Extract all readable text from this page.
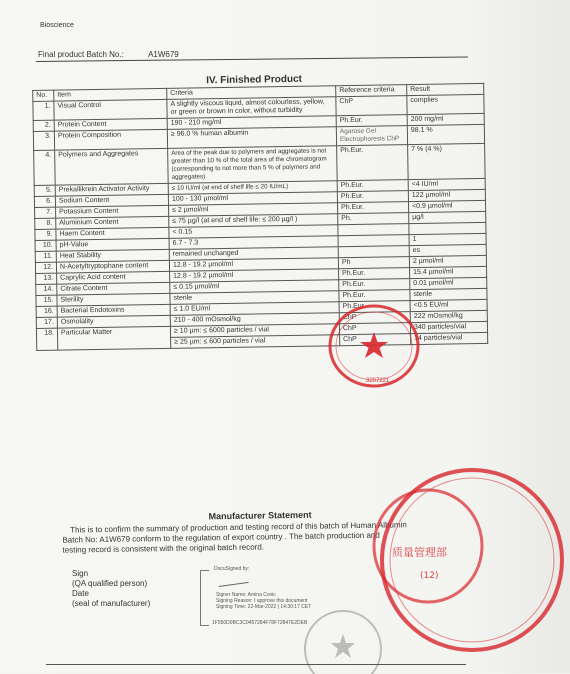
Bioscience
Final product Batch No.:	A1W679
IV. Finished Product
No.	Item	Criteria	Reference criteria	Result
1.	Visual Control	A slightly viscous liquid, almost colourless, yellow, or green or brown in color, without turbidity	ChP	complies
2.	Protein Content	190 - 210 mg/ml	Ph.Eur.	200 mg/ml
3.	Protein Composition	≥ 96.0 % human albumin	Agarose Gel Electrophoresis ChP	98.1 %
4.	Polymers and Aggregates	Area of the peak due to polymers and aggregates is not greater than 10 % of the total area of the chromatogram (corresponding to not more than 5 % of polymers and aggregates)	Ph.Eur.	7 % (4 %)
5.	Prekallikrein Activator Activity	≤ 10 IU/ml (at end of shelf life ≤ 20 IU/mL)	Ph.Eur.	<4 IU/ml
6.	Sodium Content	100 - 130 µmol/ml	Ph.Eur.	122 µmol/ml
7.	Potassium Content	≤ 2 µmol/ml	Ph.Eur.	<0.9 µmol/ml
8.	Aluminium Content	≤ 75 µg/l (at end of shelf life: ≤ 200 µg/l )	Ph.	µg/l
9.	Haem Content	< 0.15		
10.	pH-Value	6.7 - 7.3		1
11.	Heat Stability	remained unchanged		es
12.	N-Acetyltryptophane content	12.8 - 19.2 µmol/ml	Ph	2 µmol/ml
13.	Caprylic Acid content	12.8 - 19.2 µmol/ml	Ph.Eur.	15.4 µmol/ml
14.	Citrate Content	≤ 0.15 µmol/ml	Ph.Eur.	0.01 µmol/ml
15.	Sterility	sterile	Ph.Eur.	sterile
16.	Bacterial Endotoxins	≤ 1.0 EU/ml	Ph.Eur.	<0.5 EU/ml
17.	Osmolality	210 - 400 mOsmol/kg	ChP	222 mOsmol/kg
18.	Particular Matter	≥ 10 µm: ≤ 6000 particles / vial	ChP	340 particles/vial
		≥ 25 µm: ≤ 600 particles / vial	ChP	14 particles/vial
Manufacturer Statement
This is to confirm the summary of production and testing record of this batch of Human Albumin
Batch No: A1W679 conform to the regulation of export country . The batch production and
testing record is consistent with the original batch record.
Sign
(QA qualified person)
Date
(seal of manufacturer)
DocuSigned by:
Signer Name: Amina Covic
Signing Reason: I approve this document
Signing Time: 22-Mar-2022 | 14:30:17 CET
1F550D0BC3C0457284F78F72847E2DEB
3207221
质量管理部
(12)
